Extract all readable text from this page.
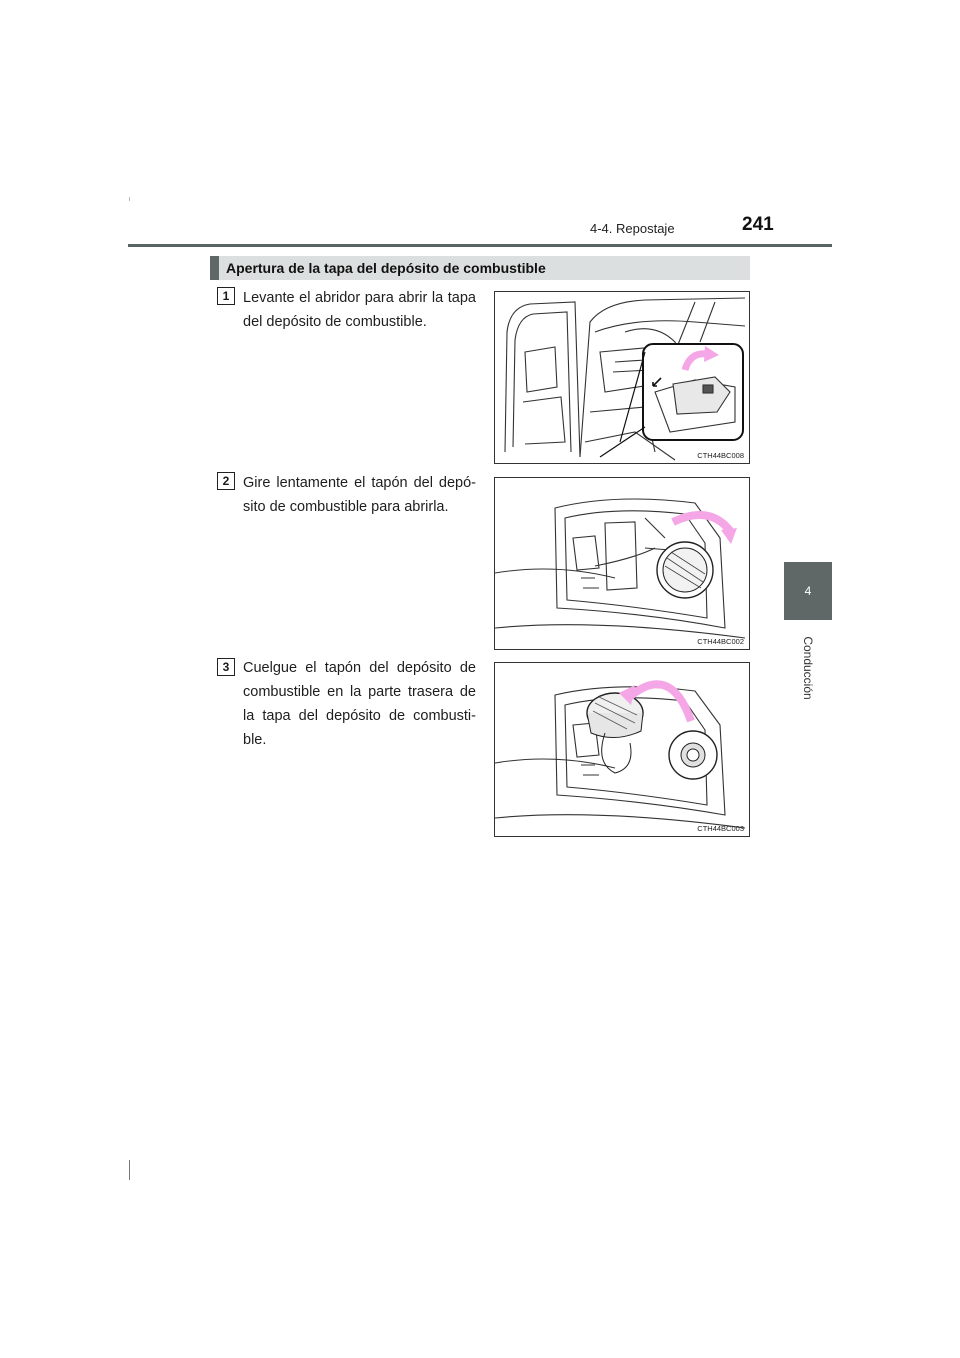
4-4. Repostaje	241
4
Conducción
Apertura de la tapa del depósito de combustible
1 Levante el abridor para abrir la tapa del depósito de combustible.
CTH44BC008
2 Gire lentamente el tapón del depó-sito de combustible para abrirla.
CTH44BC002
3 Cuelgue el tapón del depósito de combustible en la parte trasera de la tapa del depósito de combusti-ble.
CTH44BC003
